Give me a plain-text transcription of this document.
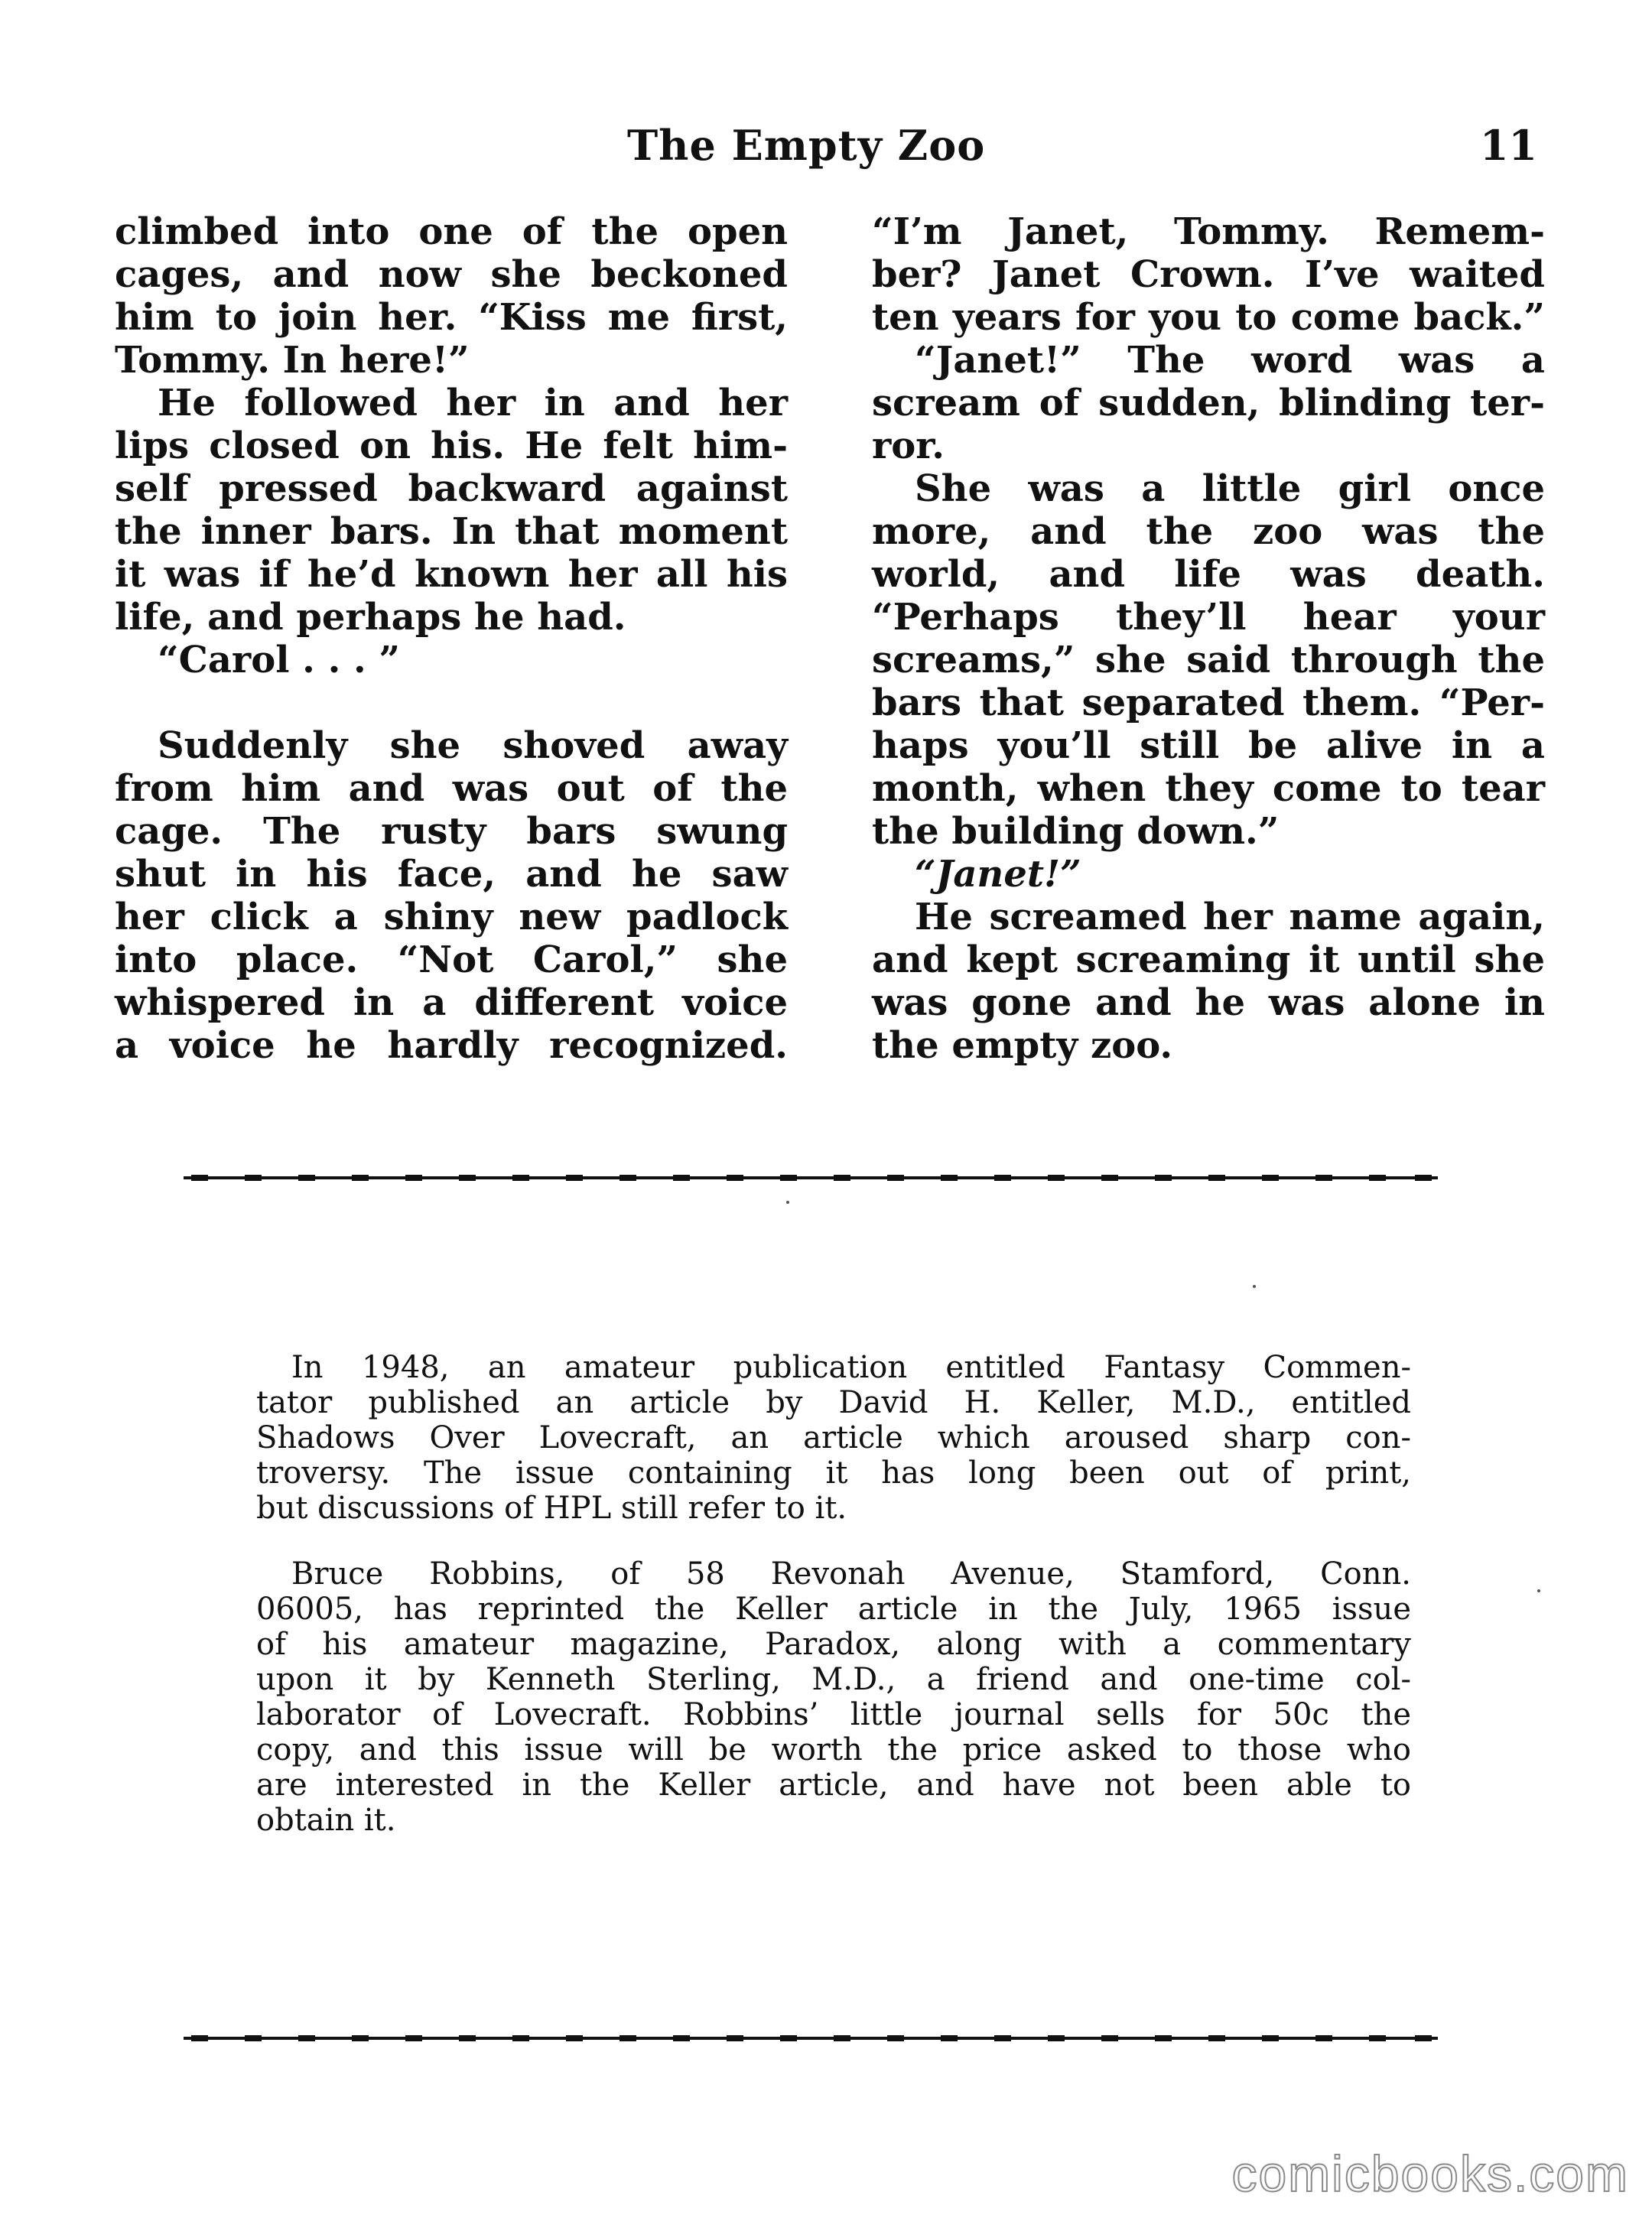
The Empty Zoo	11
climbed into one of the open
cages, and now she beckoned
him to join her. “Kiss me first,
Tommy. In here!”
He followed her in and her
lips closed on his. He felt him-
self pressed backward against
the inner bars. In that moment
it was if he’d known her all his
life, and perhaps he had.
“Carol . . . ”
Suddenly she shoved away
from him and was out of the
cage. The rusty bars swung
shut in his face, and he saw
her click a shiny new padlock
into place. “Not Carol,” she
whispered in a different voice
a voice he hardly recognized.
“I’m Janet, Tommy. Remem-
ber? Janet Crown. I’ve waited
ten years for you to come back.”
“Janet!” The word was a
scream of sudden, blinding ter-
ror.
She was a little girl once
more, and the zoo was the
world, and life was death.
“Perhaps they’ll hear your
screams,” she said through the
bars that separated them. “Per-
haps you’ll still be alive in a
month, when they come to tear
the building down.”
“Janet!”
He screamed her name again,
and kept screaming it until she
was gone and he was alone in
the empty zoo.
In 1948, an amateur publication entitled Fantasy Commen-
tator published an article by David H. Keller, M.D., entitled
Shadows Over Lovecraft, an article which aroused sharp con-
troversy. The issue containing it has long been out of print,
but discussions of HPL still refer to it.
Bruce Robbins, of 58 Revonah Avenue, Stamford, Conn.
06005, has reprinted the Keller article in the July, 1965 issue
of his amateur magazine, Paradox, along with a commentary
upon it by Kenneth Sterling, M.D., a friend and one-time col-
laborator of Lovecraft. Robbins’ little journal sells for 50c the
copy, and this issue will be worth the price asked to those who
are interested in the Keller article, and have not been able to
obtain it.
comicbooks.com
